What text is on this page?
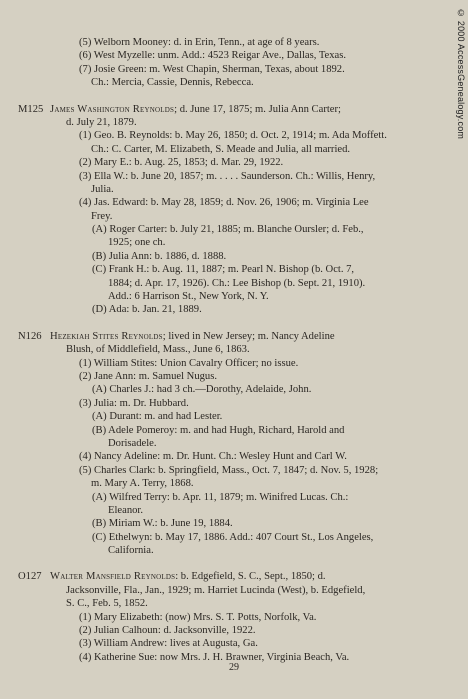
© 2000 AccessGenealogy.com
(5) Welborn Mooney: d. in Erin, Tenn., at age of 8 years.
(6) West Myzelle: unm. Add.: 4523 Reigar Ave., Dallas, Texas.
(7) Josie Green: m. West Chapin, Sherman, Texas, about 1892.
Ch.: Mercia, Cassie, Dennis, Rebecca.
M125 James Washington Reynolds; d. June 17, 1875; m. Julia Ann Carter;
d. July 21, 1879.
(1) Geo. B. Reynolds: b. May 26, 1850; d. Oct. 2, 1914; m. Ada Moffett.
Ch.: C. Carter, M. Elizabeth, S. Meade and Julia, all married.
(2) Mary E.: b. Aug. 25, 1853; d. Mar. 29, 1922.
(3) Ella W.: b. June 20, 1857; m. . . . . Saunderson. Ch.: Willis, Henry,
Julia.
(4) Jas. Edward: b. May 28, 1859; d. Nov. 26, 1906; m. Virginia Lee
Frey.
(A) Roger Carter: b. July 21, 1885; m. Blanche Oursler; d. Feb.,
1925; one ch.
(B) Julia Ann: b. 1886, d. 1888.
(C) Frank H.: b. Aug. 11, 1887; m. Pearl N. Bishop (b. Oct. 7,
1884; d. Apr. 17, 1926). Ch.: Lee Bishop (b. Sept. 21, 1910).
Add.: 6 Harrison St., New York, N. Y.
(D) Ada: b. Jan. 21, 1889.
N126 Hezekiah Stites Reynolds; lived in New Jersey; m. Nancy Adeline
Blush, of Middlefield, Mass., June 6, 1863.
(1) William Stites: Union Cavalry Officer; no issue.
(2) Jane Ann: m. Samuel Nugus.
(A) Charles J.: had 3 ch.—Dorothy, Adelaide, John.
(3) Julia: m. Dr. Hubbard.
(A) Durant: m. and had Lester.
(B) Adele Pomeroy: m. and had Hugh, Richard, Harold and
Dorisadele.
(4) Nancy Adeline: m. Dr. Hunt. Ch.: Wesley Hunt and Carl W.
(5) Charles Clark: b. Springfield, Mass., Oct. 7, 1847; d. Nov. 5, 1928;
m. Mary A. Terry, 1868.
(A) Wilfred Terry: b. Apr. 11, 1879; m. Winifred Lucas. Ch.:
Eleanor.
(B) Miriam W.: b. June 19, 1884.
(C) Ethelwyn: b. May 17, 1886. Add.: 407 Court St., Los Angeles,
California.
O127 Walter Mansfield Reynolds: b. Edgefield, S. C., Sept., 1850; d.
Jacksonville, Fla., Jan., 1929; m. Harriet Lucinda (West), b. Edgefield,
S. C., Feb. 5, 1852.
(1) Mary Elizabeth: (now) Mrs. S. T. Potts, Norfolk, Va.
(2) Julian Calhoun: d. Jacksonville, 1922.
(3) William Andrew: lives at Augusta, Ga.
(4) Katherine Sue: now Mrs. J. H. Brawner, Virginia Beach, Va.
29
